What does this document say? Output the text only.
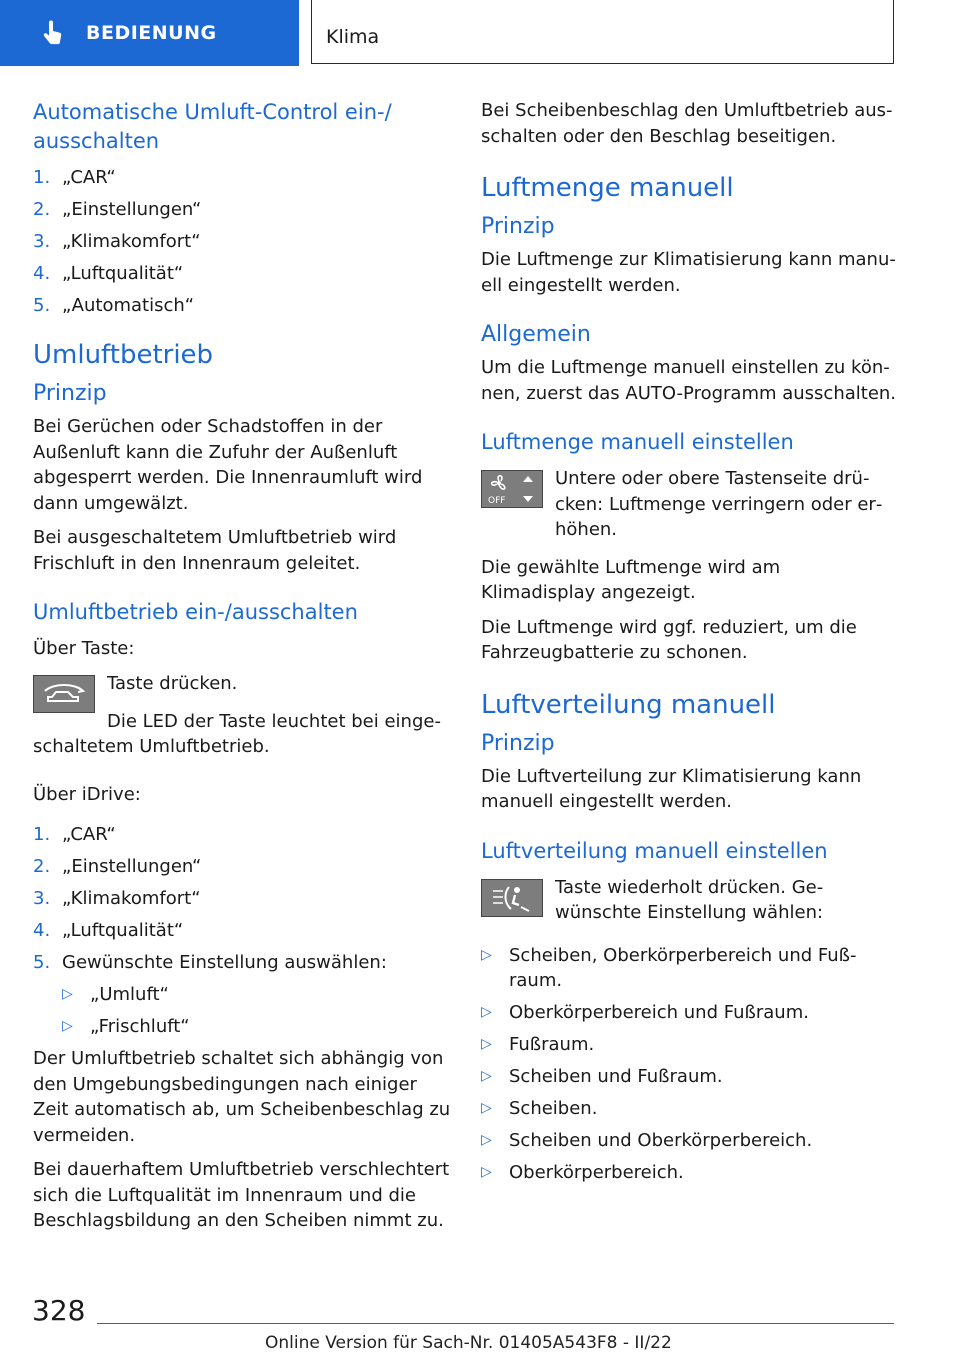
BEDIENUNG	Klima
Automatische Umluft-Control ein-/ ausschalten
1. „CAR“
2. „Einstellungen“
3. „Klimakomfort“
4. „Luftqualität“
5. „Automatisch“
Umluftbetrieb
Prinzip

Bei Gerüchen oder Schadstoffen in der Außenluft kann die Zufuhr der Außenluft abgesperrt werden. Die Innenraumluft wird dann umgewälzt.

Bei ausgeschaltetem Umluftbetrieb wird Frischluft in den Innenraum geleitet.

Umluftbetrieb ein-/ausschalten

Über Taste:

Taste drücken.

Die LED der Taste leuchtet bei eingeschaltetem Umluftbetrieb.

Über iDrive:

1. „CAR“
2. „Einstellungen“
3. „Klimakomfort“
4. „Luftqualität“
5. Gewünschte Einstellung auswählen:
▷ „Umluft“
▷ „Frischluft“

Der Umluftbetrieb schaltet sich abhängig von den Umgebungsbedingungen nach einiger Zeit automatisch ab, um Scheibenbeschlag zu vermeiden.

Bei dauerhaftem Umluftbetrieb verschlechtert sich die Luftqualität im Innenraum und die Beschlagsbildung an den Scheiben nimmt zu.

Bei Scheibenbeschlag den Umluftbetrieb ausschalten oder den Beschlag beseitigen.

Luftmenge manuell
Prinzip

Die Luftmenge zur Klimatisierung kann manuell eingestellt werden.

Allgemein

Um die Luftmenge manuell einstellen zu können, zuerst das AUTO-Programm ausschalten.

Luftmenge manuell einstellen
OFF

Untere oder obere Tastenseite drücken: Luftmenge verringern oder erhöhen.

Die gewählte Luftmenge wird am Klimadisplay angezeigt.

Die Luftmenge wird ggf. reduziert, um die Fahrzeugbatterie zu schonen.

Luftverteilung manuell
Prinzip

Die Luftverteilung zur Klimatisierung kann manuell eingestellt werden.

Luftverteilung manuell einstellen

Taste wiederholt drücken. Gewünschte Einstellung wählen:

▷ Scheiben, Oberkörperbereich und Fußraum.
▷ Oberkörperbereich und Fußraum.
▷ Fußraum.
▷ Scheiben und Fußraum.
▷ Scheiben.
▷ Scheiben und Oberkörperbereich.
▷ Oberkörperbereich.
328
Online Version für Sach-Nr. 01405A543F8 - II/22
